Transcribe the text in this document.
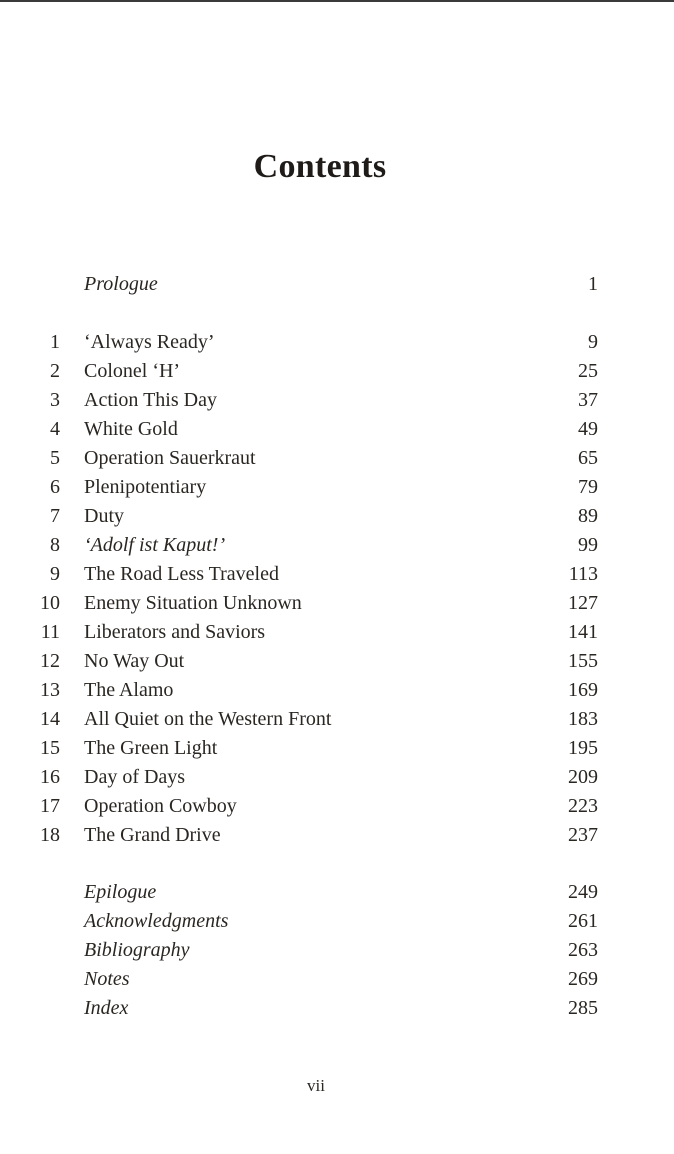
Contents
Prologue	1
1 ‘Always Ready’	9
2 Colonel ‘H’	25
3 Action This Day	37
4 White Gold	49
5 Operation Sauerkraut	65
6 Plenipotentiary	79
7 Duty	89
8 ‘Adolf ist Kaput!’	99
9 The Road Less Traveled	113
10 Enemy Situation Unknown	127
11 Liberators and Saviors	141
12 No Way Out	155
13 The Alamo	169
14 All Quiet on the Western Front	183
15 The Green Light	195
16 Day of Days	209
17 Operation Cowboy	223
18 The Grand Drive	237
Epilogue	249
Acknowledgments	261
Bibliography	263
Notes	269
Index	285
vii
